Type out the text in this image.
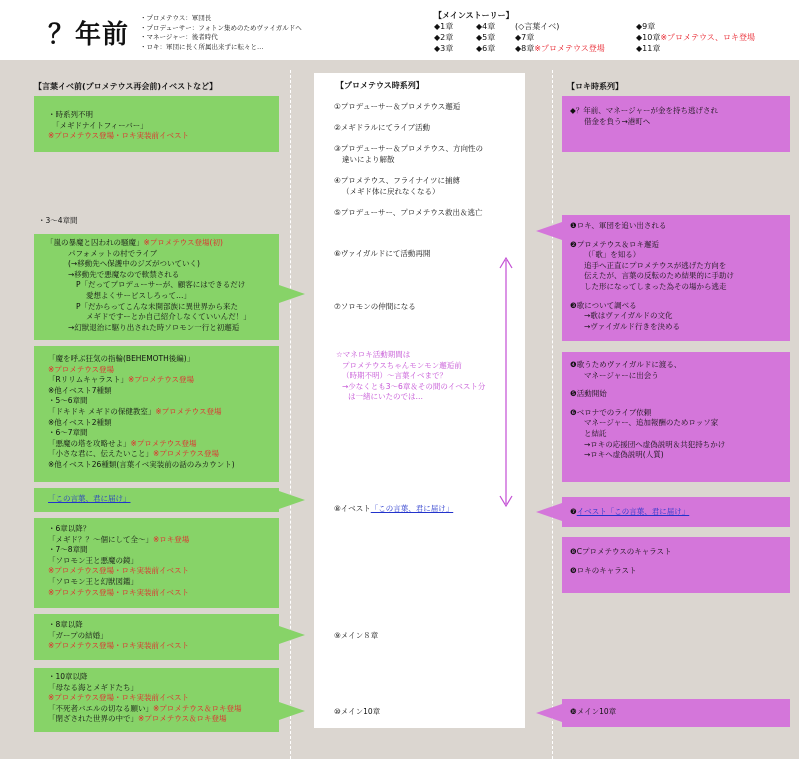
？年前
・プロメテウス：軍団長
・プロデューサー：フォトン集めのためヴァイガルドへ
・マネージャー：後者時代
・ロキ：軍団に長く所属出来ずに転々と…
【メインストーリー】
◆1章
◆2章
◆3章
◆4章
◆5章
◆6章
(◇言葉イベ)
◆7章
◆8章※プロメテウス登場
◆9章
◆10章※プロメテウス、ロキ登場
◆11章
【言葉イベ前(プロメテウス再会前)イベストなど】	【プロメテウス時系列】	【ロキ時系列】
・時系列不明
「メギドナイトフィーバー」
※プロメテウス登場・ロキ実装前イベスト
・3～4章間
「嵐の暴魔と囚われの騒魔」※プロメテウス登場(初)
パフォメットの村でライブ
(→移動先へ保護中のジズがついていく)
→移動先で悪魔なので軟禁される
P「だってプロデューサーが、顧客にはできるだけ
愛想よくサービスしろって…」
P「だからってこんな未開部族に異世界から来た
メギドですーとか自己紹介しなくていいんだ！」
→幻獣退治に駆り出された時ソロモン一行と初邂逅
「魔を呼ぶ狂気の指輪(BEHEMOTH後編)」
※プロメテウス登場
「Rリリムキャラスト」※プロメテウス登場
※他イベスト7種類
・5～6章間
「ドキドキ メギドの保健教室」※プロメテウス登場
※他イベスト2種類
・6～7章間
「悪魔の塔を攻略せよ」※プロメテウス登場
「小さな君に、伝えたいこと」※プロメテウス登場
※他イベスト26種類(言葉イベ実装前の話のみカウント)
「この言葉、君に届け」
・6章以降？
「メギド？？～個にして全～」※ロキ登場
・7～8章間
「ソロモン王と悪魔の鏡」
※プロメテウス登場・ロキ実装前イベスト
「ソロモン王と幻獣図鑑」
※プロメテウス登場・ロキ実装前イベスト
・8章以降
「ガープの結婚」
※プロメテウス登場・ロキ実装前イベスト
・10章以降
「母なる海とメギドたち」
※プロメテウス登場・ロキ実装前イベスト
「不死者バエルの切なる願い」※プロメテウス＆ロキ登場
「閉ざされた世界の中で」※プロメテウス＆ロキ登場
①プロデューサー＆プロメテウス邂逅
②メギドラルにてライブ活動
③プロデューサー＆プロメテウス、方向性の
違いにより解散
④プロメテウス、フライナイツに捕縛
（メギド体に戻れなくなる）
⑤プロデューサー、プロメテウス救出＆逃亡
⑥ヴァイガルドにて活動再開
⑦ソロモンの仲間になる
☆マネロキ活動期間は
プロメテウスちゃんモンモン邂逅前
（時期不明）～言葉イベまで？
→少なくとも3～6章＆その間のイベスト分
は一緒にいたのでは…
⑧イベスト「この言葉、君に届け」
⑨メイン８章
⑩メイン10章
◆？年前、マネージャーが金を持ち逃げされ
借金を負う→港町へ
❶ロキ、軍団を追い出される
❷プロメテウス＆ロキ邂逅
（「歌」を知る）
追手へ正直にプロメテウスが逃げた方向を
伝えたが、言葉の反転のため結果的に手助け
した形になってしまった為その場から逃走
❸歌について調べる
→歌はヴァイガルドの文化
→ヴァイガルド行きを決める
❹歌うためヴァイガルドに渡る、
マネージャーに出会う
❺活動開始
❻ベロナでのライブ依頼
マネージャー、追加報酬のためロッソ家
と結託
→ロキの応援団へ虚偽説明＆共犯持ちかけ
→ロキへ虚偽説明(人質)
❼イベスト「この言葉、君に届け」
❽Cプロメテウスのキャラスト
❾ロキのキャラスト
❿メイン10章
